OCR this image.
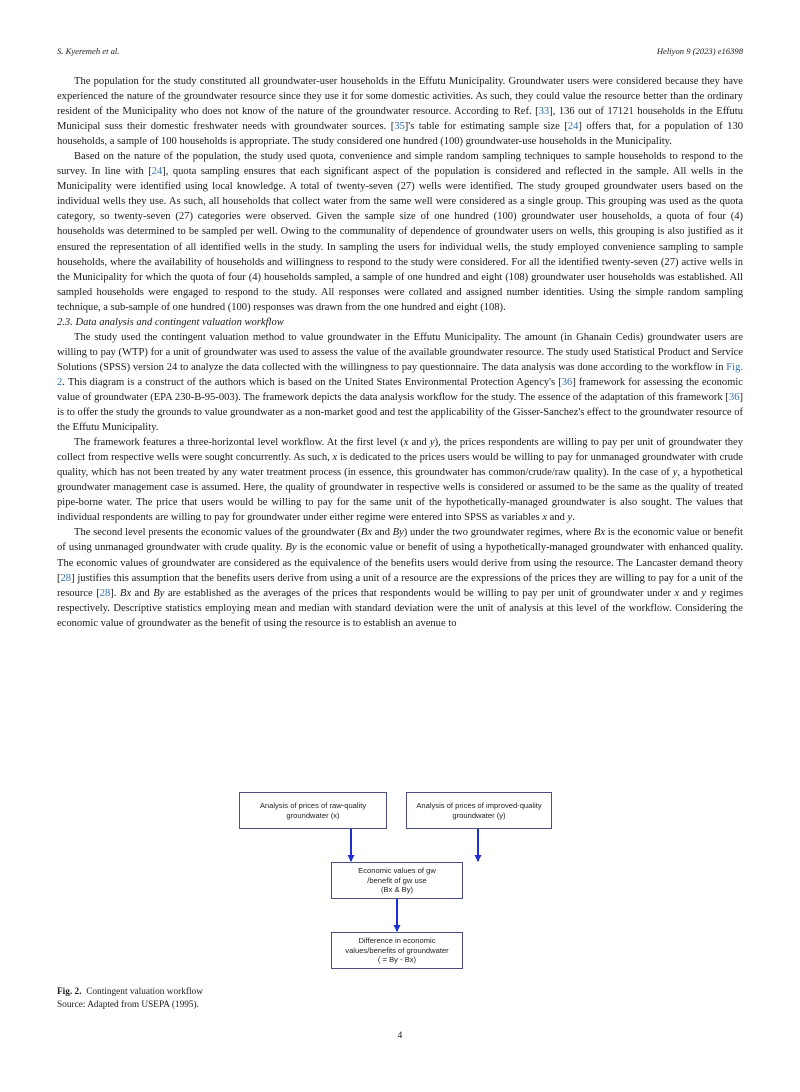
S. Kyeremeh et al.	Heliyon 9 (2023) e16398

The population for the study constituted all groundwater-user households in the Effutu Municipality. Groundwater users were considered because they have experienced the nature of the groundwater resource since they use it for some domestic activities. As such, they could value the resource better than the ordinary resident of the Municipality who does not know of the nature of the groundwater resource. According to Ref. [33], 136 out of 17121 households in the Effutu Municipal suss their domestic freshwater needs with groundwater sources. [35]'s table for estimating sample size [24] offers that, for a population of 130 households, a sample of 100 households is appropriate. The study considered one hundred (100) groundwater-use households in the Municipality.

Based on the nature of the population, the study used quota, convenience and simple random sampling techniques to sample households to respond to the survey. In line with [24], quota sampling ensures that each significant aspect of the population is considered and reflected in the sample. All wells in the Municipality were identified using local knowledge. A total of twenty-seven (27) wells were identified. The study grouped groundwater users based on the individual wells they use. As such, all households that collect water from the same well were considered as a single group. This grouping was used as the quota category, so twenty-seven (27) categories were observed. Given the sample size of one hundred (100) groundwater user households, a quota of four (4) households was determined to be sampled per well. Owing to the communality of dependence of groundwater users on wells, this grouping is also justified as it ensured the representation of all identified wells in the study. In sampling the users for individual wells, the study employed convenience sampling to sample households, where the availability of households and willingness to respond to the study were considered. For all the identified twenty-seven (27) active wells in the Municipality for which the quota of four (4) households sampled, a sample of one hundred and eight (108) groundwater user households was established. All sampled households were engaged to respond to the study. All responses were collated and assigned number identities. Using the simple random sampling technique, a sub-sample of one hundred (100) responses was drawn from the one hundred and eight (108).

2.3. Data analysis and contingent valuation workflow

The study used the contingent valuation method to value groundwater in the Effutu Municipality. The amount (in Ghanain Cedis) groundwater users are willing to pay (WTP) for a unit of groundwater was used to assess the value of the available groundwater resource. The study used Statistical Product and Service Solutions (SPSS) version 24 to analyze the data collected with the willingness to pay questionnaire. The data analysis was done according to the workflow in Fig. 2. This diagram is a construct of the authors which is based on the United States Environmental Protection Agency's [36] framework for assessing the economic value of groundwater (EPA 230-B-95-003). The framework depicts the data analysis workflow for the study. The essence of the adaptation of this framework [36] is to offer the study the grounds to value groundwater as a non-market good and test the applicability of the Gisser-Sanchez's effect to the groundwater resource of the Effutu Municipality.

The framework features a three-horizontal level workflow. At the first level (x and y), the prices respondents are willing to pay per unit of groundwater they collect from respective wells were sought concurrently. As such, x is dedicated to the prices users would be willing to pay for unmanaged groundwater with crude quality, which has not been treated by any water treatment process (in essence, this groundwater has common/crude/raw quality). In the case of y, a hypothetical groundwater management case is assumed. Here, the quality of groundwater in respective wells is considered or assumed to be the same as the quality of treated pipe-borne water. The price that users would be willing to pay for the same unit of the hypothetically-managed groundwater is also sought. The values that individual respondents are willing to pay for groundwater under either regime were entered into SPSS as variables x and y.

The second level presents the economic values of the groundwater (Bx and By) under the two groundwater regimes, where Bx is the economic value or benefit of using unmanaged groundwater with crude quality. By is the economic value or benefit of using a hypothetically-managed groundwater with enhanced quality. The economic values of groundwater are considered as the equivalence of the benefits users would derive from using the resource. The Lancaster demand theory [28] justifies this assumption that the benefits users derive from using a unit of a resource are the expressions of the prices they are willing to pay for a unit of the resource [28]. Bx and By are established as the averages of the prices that respondents would be willing to pay per unit of groundwater under x and y regimes respectively. Descriptive statistics employing mean and median with standard deviation were the unit of analysis at this level of the workflow. Considering the economic value of groundwater as the benefit of using the resource is to establish an avenue to

Analysis of prices of raw-quality
groundwater (x)
Analysis of prices of improved-quality
groundwater (y)
Economic values of gw
/benefit of gw use
(Bx & By)
Difference in economic
values/benefits of groundwater
( = By - Bx)
Fig. 2. Contingent valuation workflow
Source: Adapted from USEPA (1995).
4
